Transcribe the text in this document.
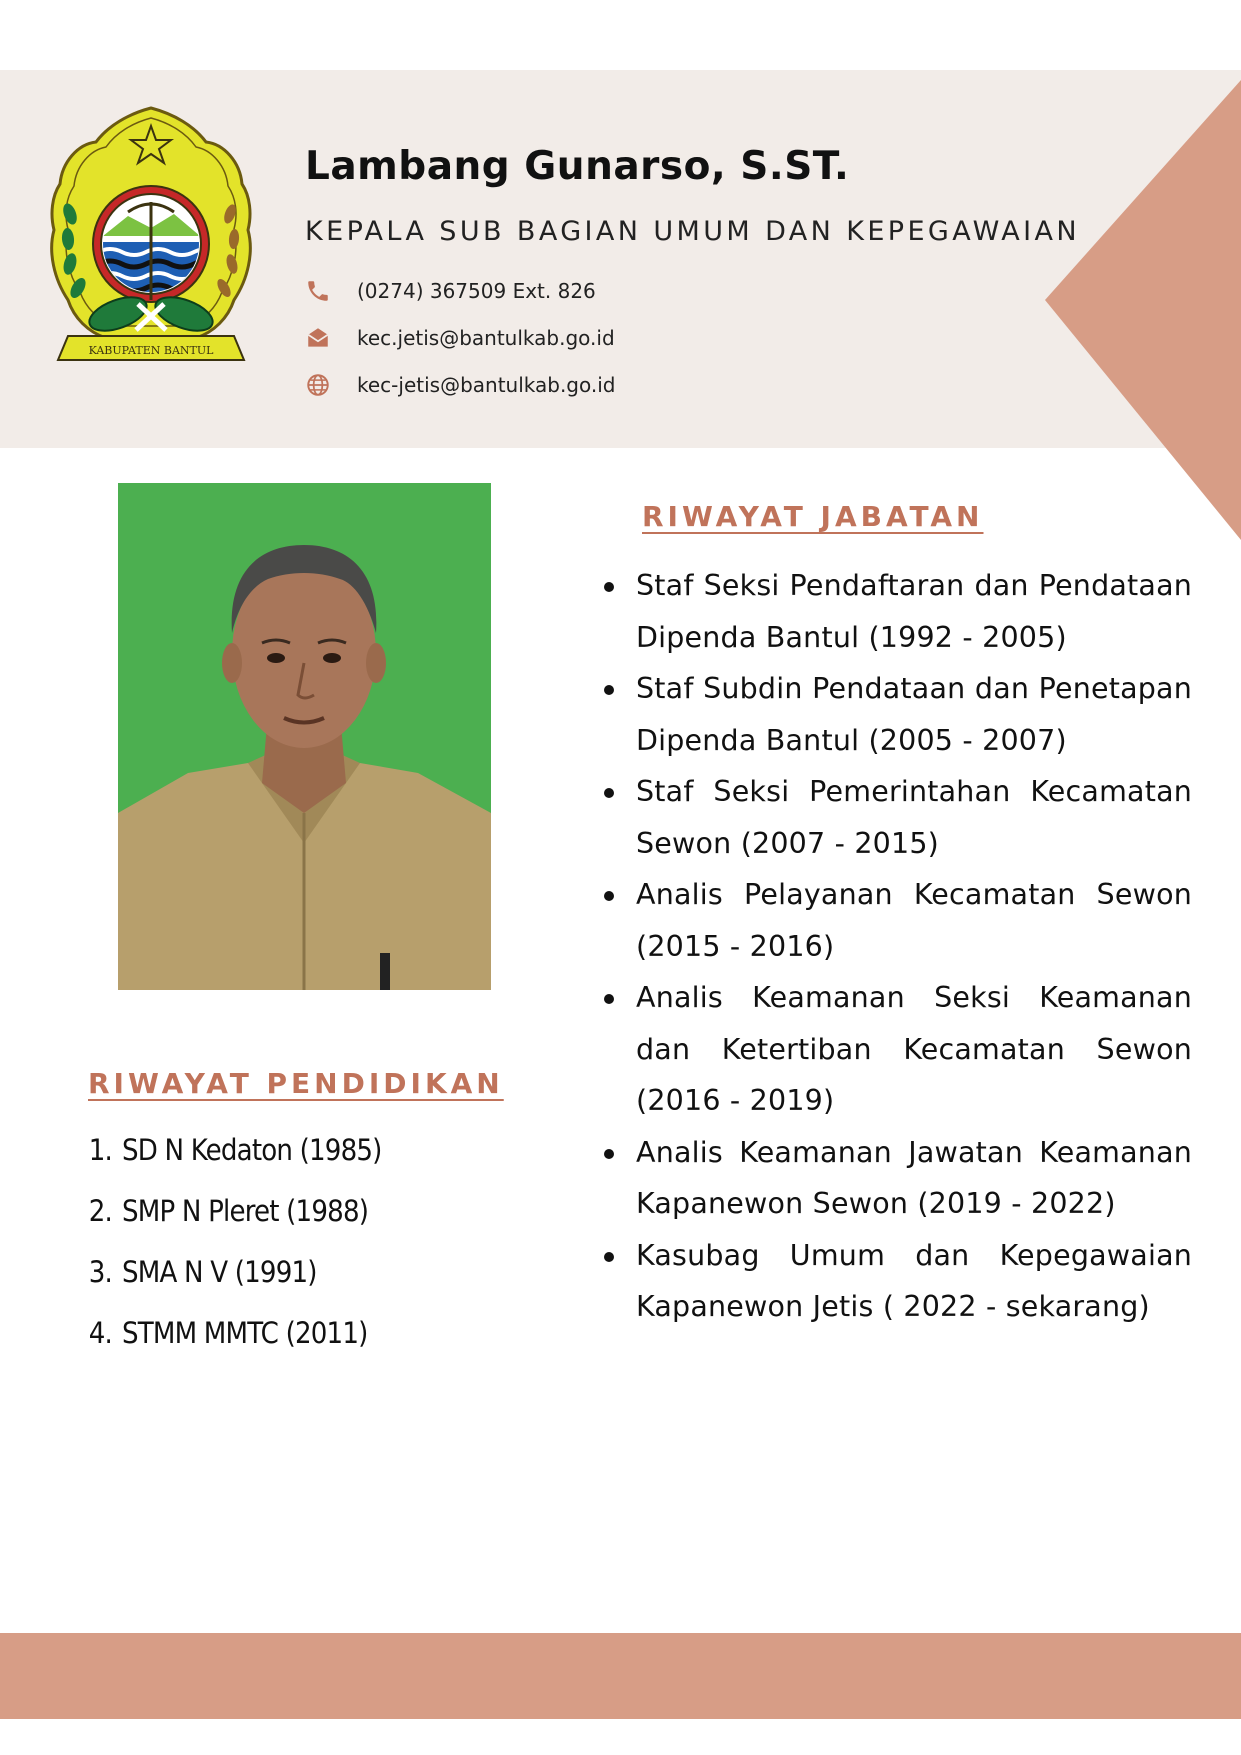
KABUPATEN BANTUL
Lambang Gunarso, S.ST.
KEPALA SUB BAGIAN UMUM DAN KEPEGAWAIAN
(0274) 367509 Ext. 826
kec.jetis@bantulkab.go.id
kec-jetis@bantulkab.go.id
RIWAYAT PENDIDIKAN
1. SD N Kedaton (1985)
2. SMP N Pleret (1988)
3. SMA N V (1991)
4. STMM MMTC (2011)
RIWAYAT JABATAN
Staf Seksi Pendaftaran dan Pendataan Dipenda Bantul (1992 - 2005)
Staf Subdin Pendataan dan Penetapan Dipenda Bantul (2005 - 2007)
Staf Seksi Pemerintahan Kecamatan Sewon (2007 - 2015)
Analis Pelayanan Kecamatan Sewon (2015 - 2016)
Analis Keamanan Seksi Keamanan dan Ketertiban Kecamatan Sewon (2016 - 2019)
Analis Keamanan Jawatan Keamanan Kapanewon Sewon (2019 - 2022)
Kasubag Umum dan Kepegawaian Kapanewon Jetis ( 2022 - sekarang)
